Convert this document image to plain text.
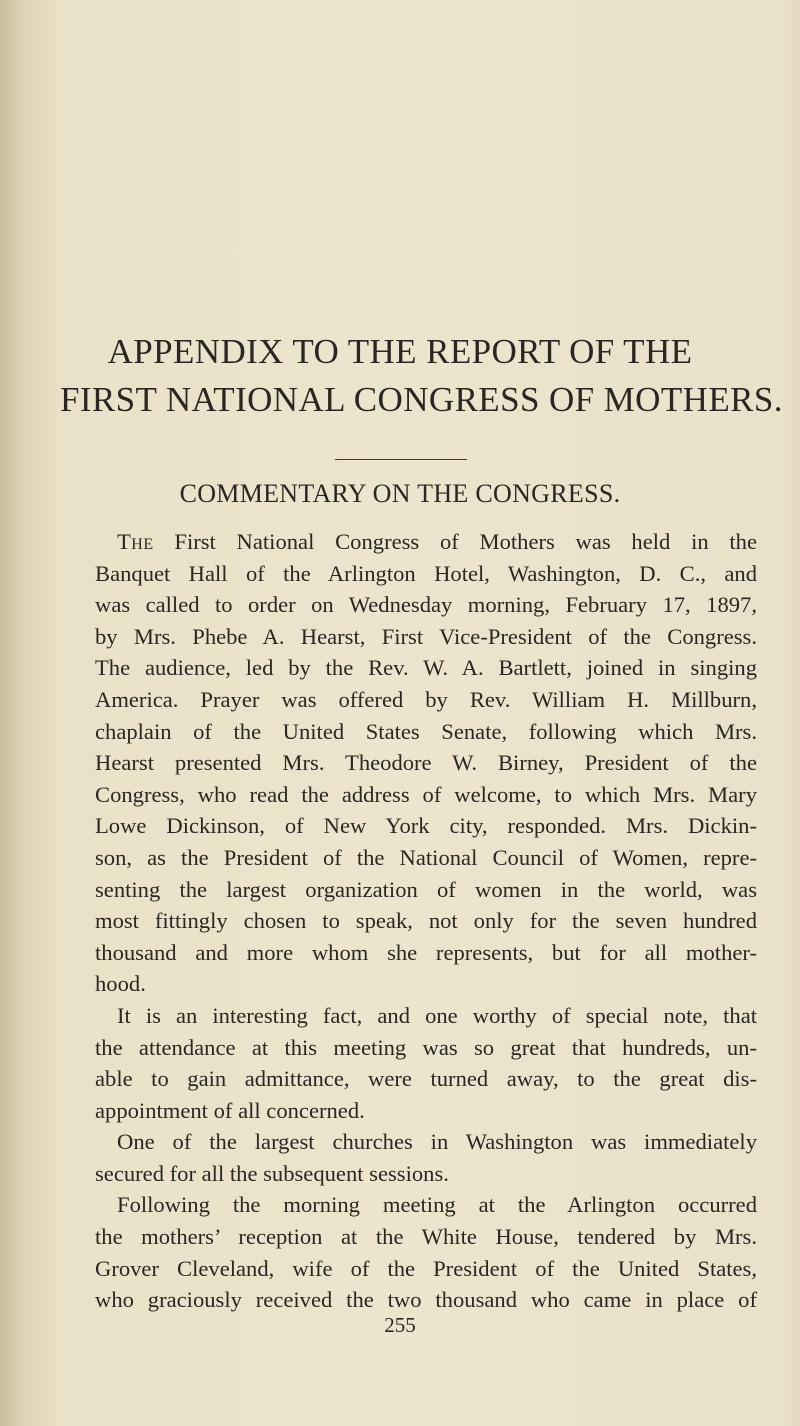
APPENDIX TO THE REPORT OF THE
FIRST NATIONAL CONGRESS OF MOTHERS.
COMMENTARY ON THE CONGRESS.
The First National Congress of Mothers was held in the
Banquet Hall of the Arlington Hotel, Washington, D. C., and
was called to order on Wednesday morning, February 17, 1897,
by Mrs. Phebe A. Hearst, First Vice-President of the Congress.
The audience, led by the Rev. W. A. Bartlett, joined in singing
America. Prayer was offered by Rev. William H. Millburn,
chaplain of the United States Senate, following which Mrs.
Hearst presented Mrs. Theodore W. Birney, President of the
Congress, who read the address of welcome, to which Mrs. Mary
Lowe Dickinson, of New York city, responded. Mrs. Dickin-
son, as the President of the National Council of Women, repre-
senting the largest organization of women in the world, was
most fittingly chosen to speak, not only for the seven hundred
thousand and more whom she represents, but for all mother-
hood.
It is an interesting fact, and one worthy of special note, that
the attendance at this meeting was so great that hundreds, un-
able to gain admittance, were turned away, to the great dis-
appointment of all concerned.
One of the largest churches in Washington was immediately
secured for all the subsequent sessions.
Following the morning meeting at the Arlington occurred
the mothers’ reception at the White House, tendered by Mrs.
Grover Cleveland, wife of the President of the United States,
who graciously received the two thousand who came in place of
255
